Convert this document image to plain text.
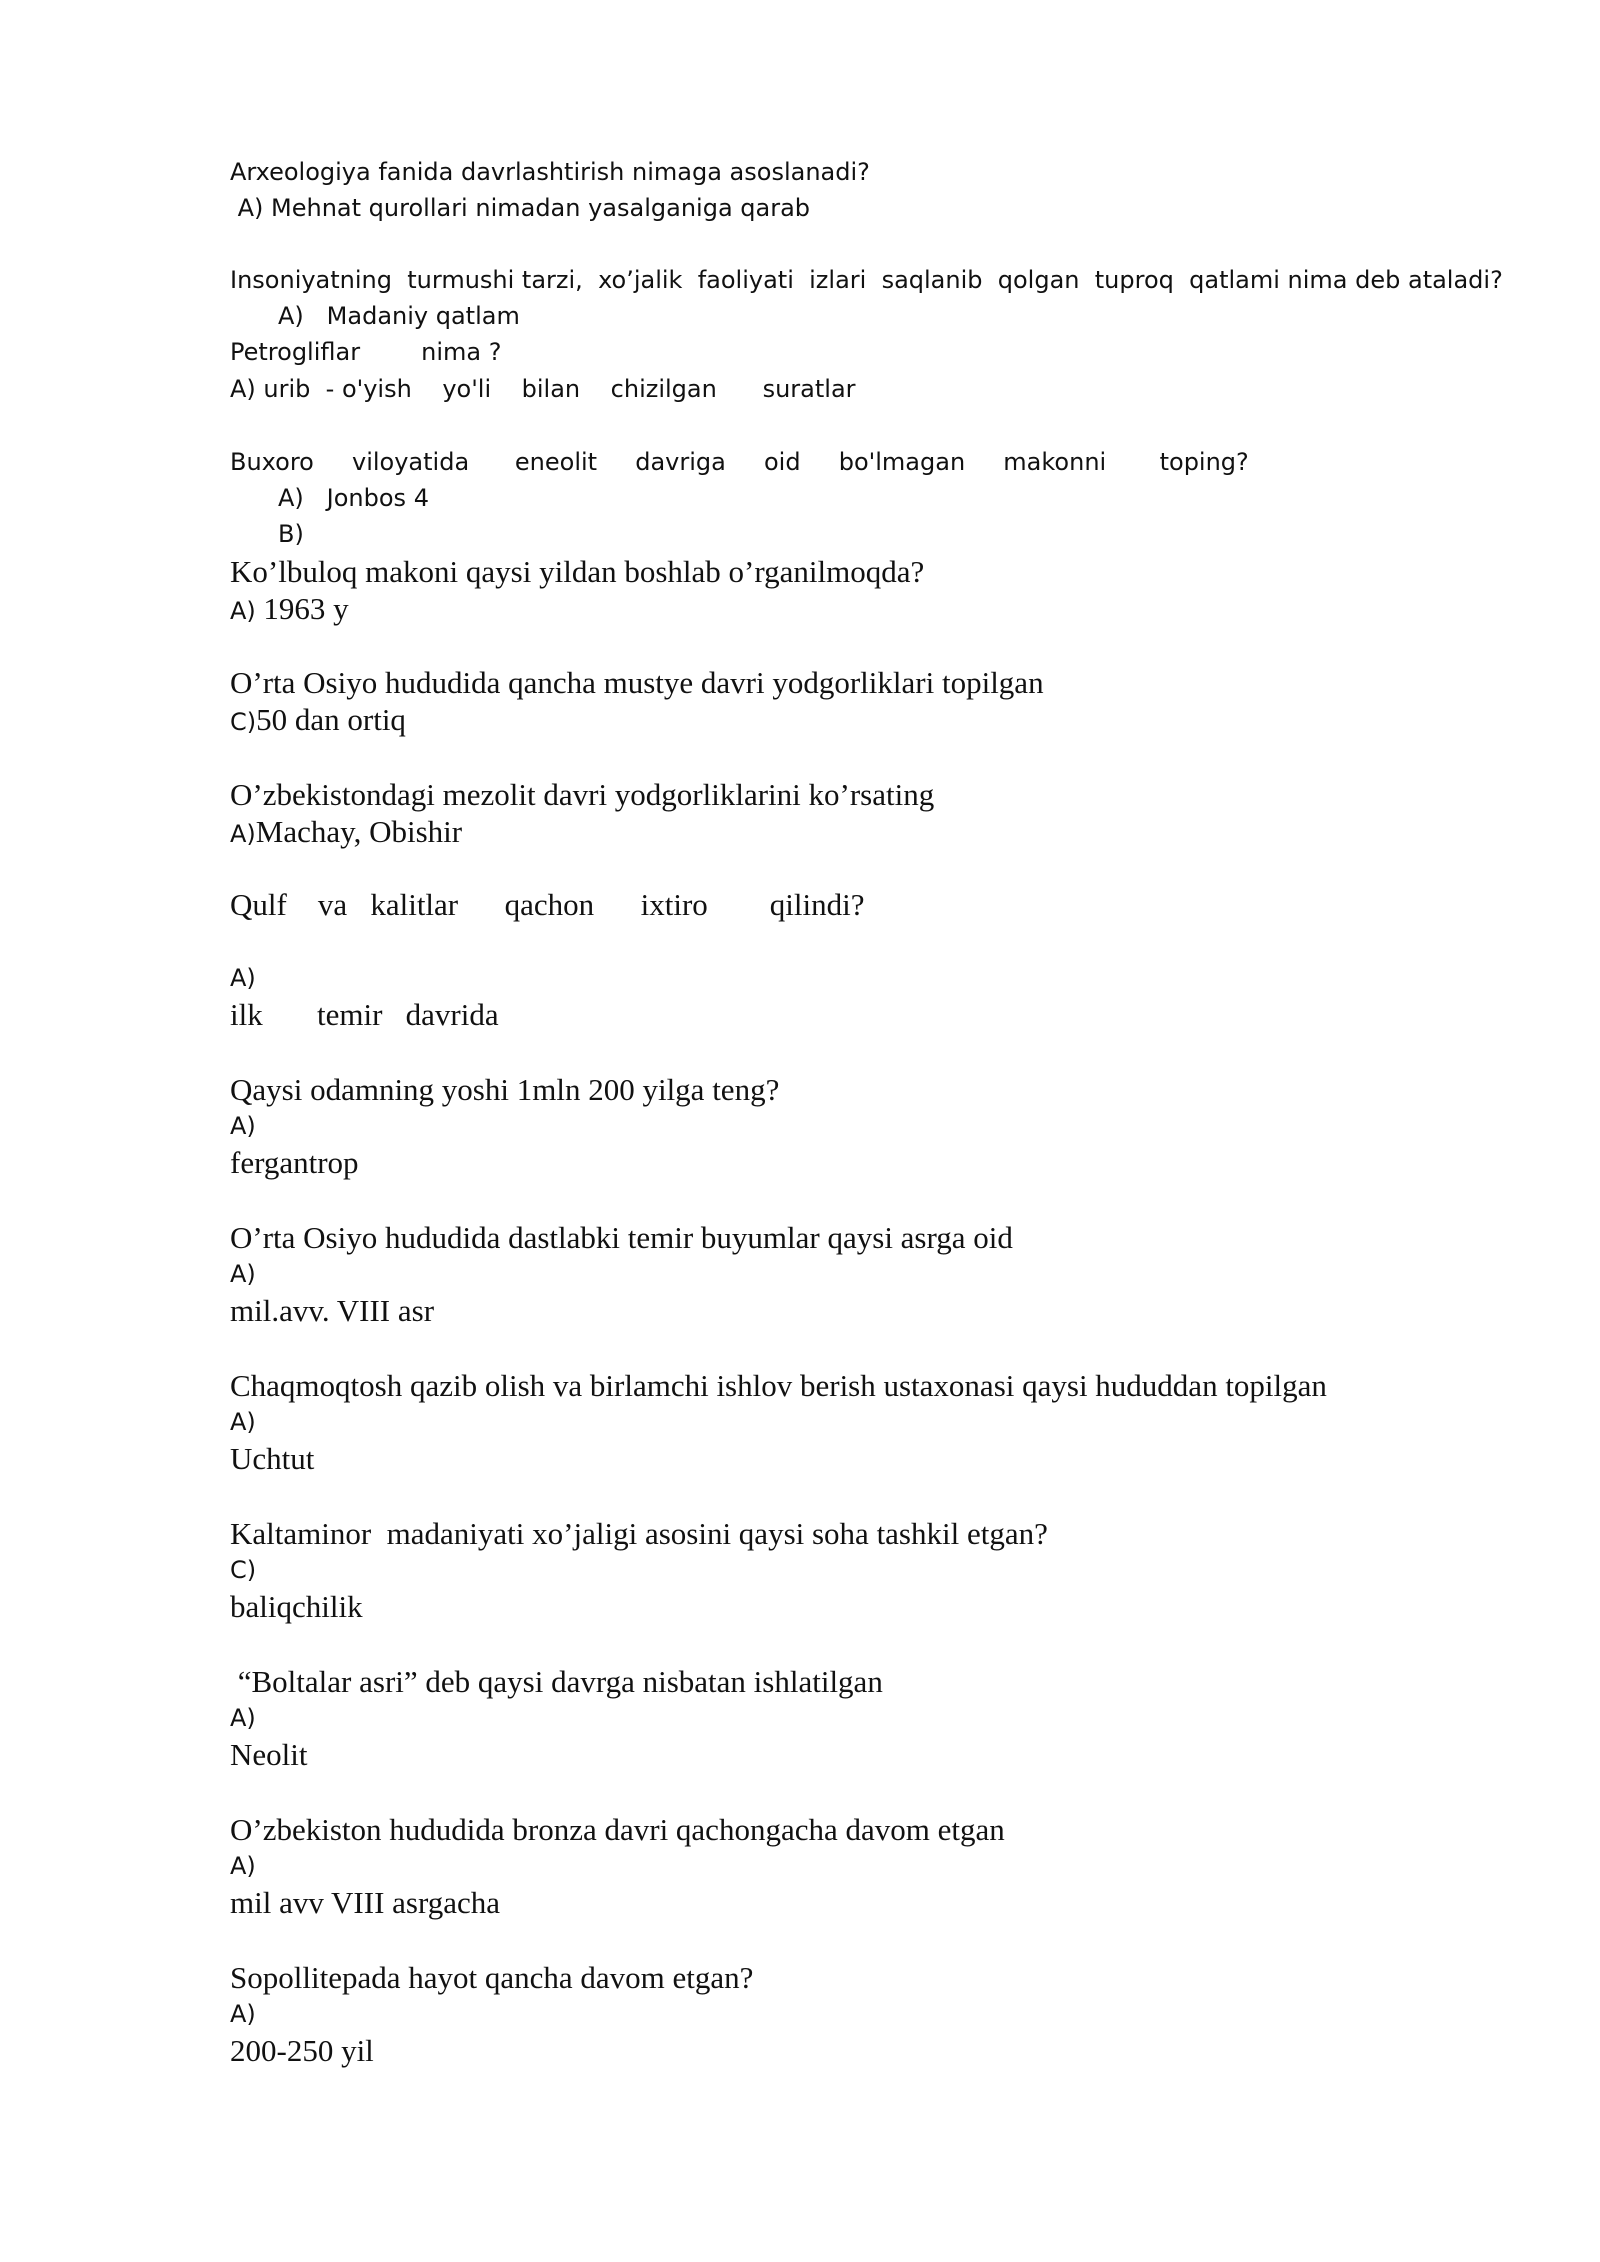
Arxeologiya fanida davrlashtirish nimaga asoslanadi?
A) Mehnat qurollari nimadan yasalganiga qarab
Insoniyatning  turmushi tarzi,  xo’jalik  faoliyati  izlari  saqlanib  qolgan  tuproq  qatlami nima deb ataladi?
A)   Madaniy qatlam
Petrogliflar        nima ?
A) urib  - o'yish    yo'li    bilan    chizilgan      suratlar
Buxoro     viloyatida      eneolit     davriga     oid     bo'lmagan     makonni       toping?
A)   Jonbos 4
B)
Ko’lbuloq makoni qaysi yildan boshlab o’rganilmoqda?
A) 1963 y
O’rta Osiyo hududida qancha mustye davri yodgorliklari topilgan
C)50 dan ortiq
O’zbekistondagi mezolit davri yodgorliklarini ko’rsating
A)Machay, Obishir
Qulf    va   kalitlar      qachon      ixtiro        qilindi?
A)
ilk       temir   davrida
Qaysi odamning yoshi 1mln 200 yilga teng?
A)
fergantrop
O’rta Osiyo hududida dastlabki temir buyumlar qaysi asrga oid
A)
mil.avv. VIII asr
Chaqmoqtosh qazib olish va birlamchi ishlov berish ustaxonasi qaysi hududdan topilgan
A)
Uchtut
Kaltaminor  madaniyati xo’jaligi asosini qaysi soha tashkil etgan?
C)
baliqchilik
“Boltalar asri” deb qaysi davrga nisbatan ishlatilgan
A)
Neolit
O’zbekiston hududida bronza davri qachongacha davom etgan
A)
mil avv VIII asrgacha
Sopollitepada hayot qancha davom etgan?
A)
200-250 yil
